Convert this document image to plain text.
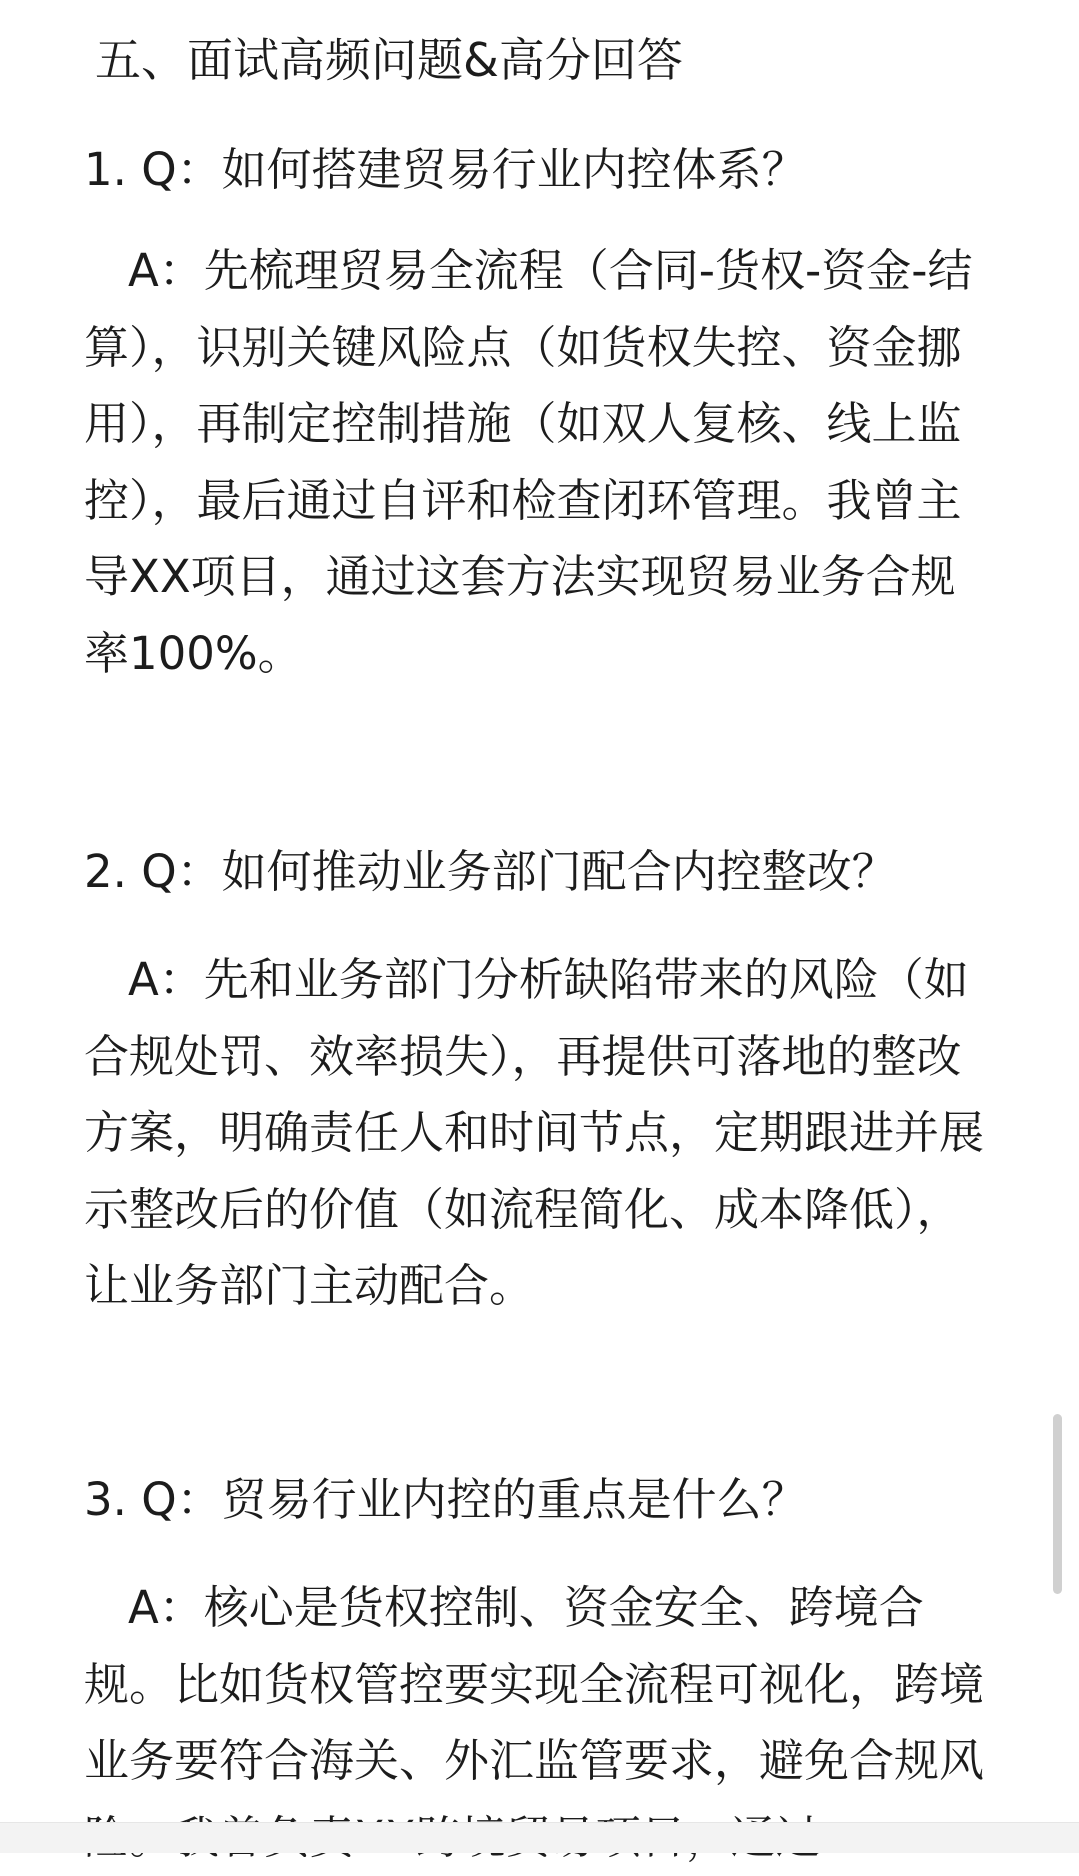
五、面试高频问题&高分回答
1. Q：如何搭建贸易行业内控体系？

A：先梳理贸易全流程（合同-货权-资金-结算），识别关键风险点（如货权失控、资金挪用），再制定控制措施（如双人复核、线上监控），最后通过自评和检查闭环管理。我曾主导XX项目，通过这套方法实现贸易业务合规率100%。

2. Q：如何推动业务部门配合内控整改？

A：先和业务部门分析缺陷带来的风险（如合规处罚、效率损失），再提供可落地的整改方案，明确责任人和时间节点，定期跟进并展示整改后的价值（如流程简化、成本降低），让业务部门主动配合。

3. Q：贸易行业内控的重点是什么？

A：核心是货权控制、资金安全、跨境合规。比如货权管控要实现全流程可视化，跨境业务要符合海关、外汇监管要求，避免合规风
